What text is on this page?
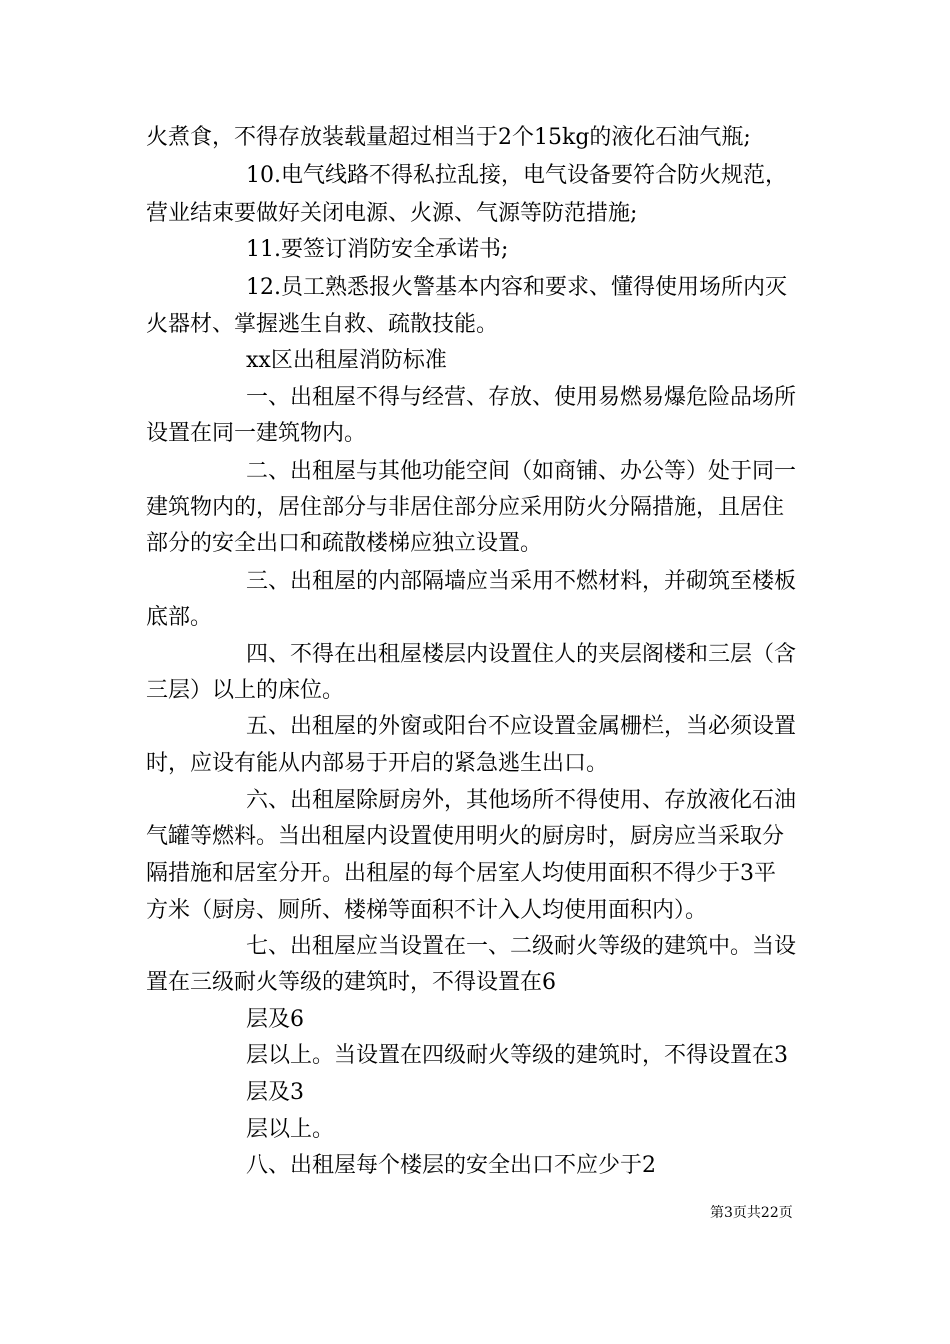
火煮食，不得存放装载量超过相当于2个15kg的液化石油气瓶;
10.电气线路不得私拉乱接，电气设备要符合防火规范，
营业结束要做好关闭电源、火源、气源等防范措施;
11.要签订消防安全承诺书;
12.员工熟悉报火警基本内容和要求、懂得使用场所内灭
火器材、掌握逃生自救、疏散技能。
xx区出租屋消防标准
一、出租屋不得与经营、存放、使用易燃易爆危险品场所
设置在同一建筑物内。
二、出租屋与其他功能空间（如商铺、办公等）处于同一
建筑物内的，居住部分与非居住部分应采用防火分隔措施，且居住
部分的安全出口和疏散楼梯应独立设置。
三、出租屋的内部隔墙应当采用不燃材料，并砌筑至楼板
底部。
四、不得在出租屋楼层内设置住人的夹层阁楼和三层（含
三层）以上的床位。
五、出租屋的外窗或阳台不应设置金属栅栏，当必须设置
时，应设有能从内部易于开启的紧急逃生出口。
六、出租屋除厨房外，其他场所不得使用、存放液化石油
气罐等燃料。当出租屋内设置使用明火的厨房时，厨房应当采取分
隔措施和居室分开。出租屋的每个居室人均使用面积不得少于3平
方米（厨房、厕所、楼梯等面积不计入人均使用面积内）。
七、出租屋应当设置在一、二级耐火等级的建筑中。当设
置在三级耐火等级的建筑时，不得设置在6
层及6
层以上。当设置在四级耐火等级的建筑时，不得设置在3
层及3
层以上。
八、出租屋每个楼层的安全出口不应少于2
第3页共22页
